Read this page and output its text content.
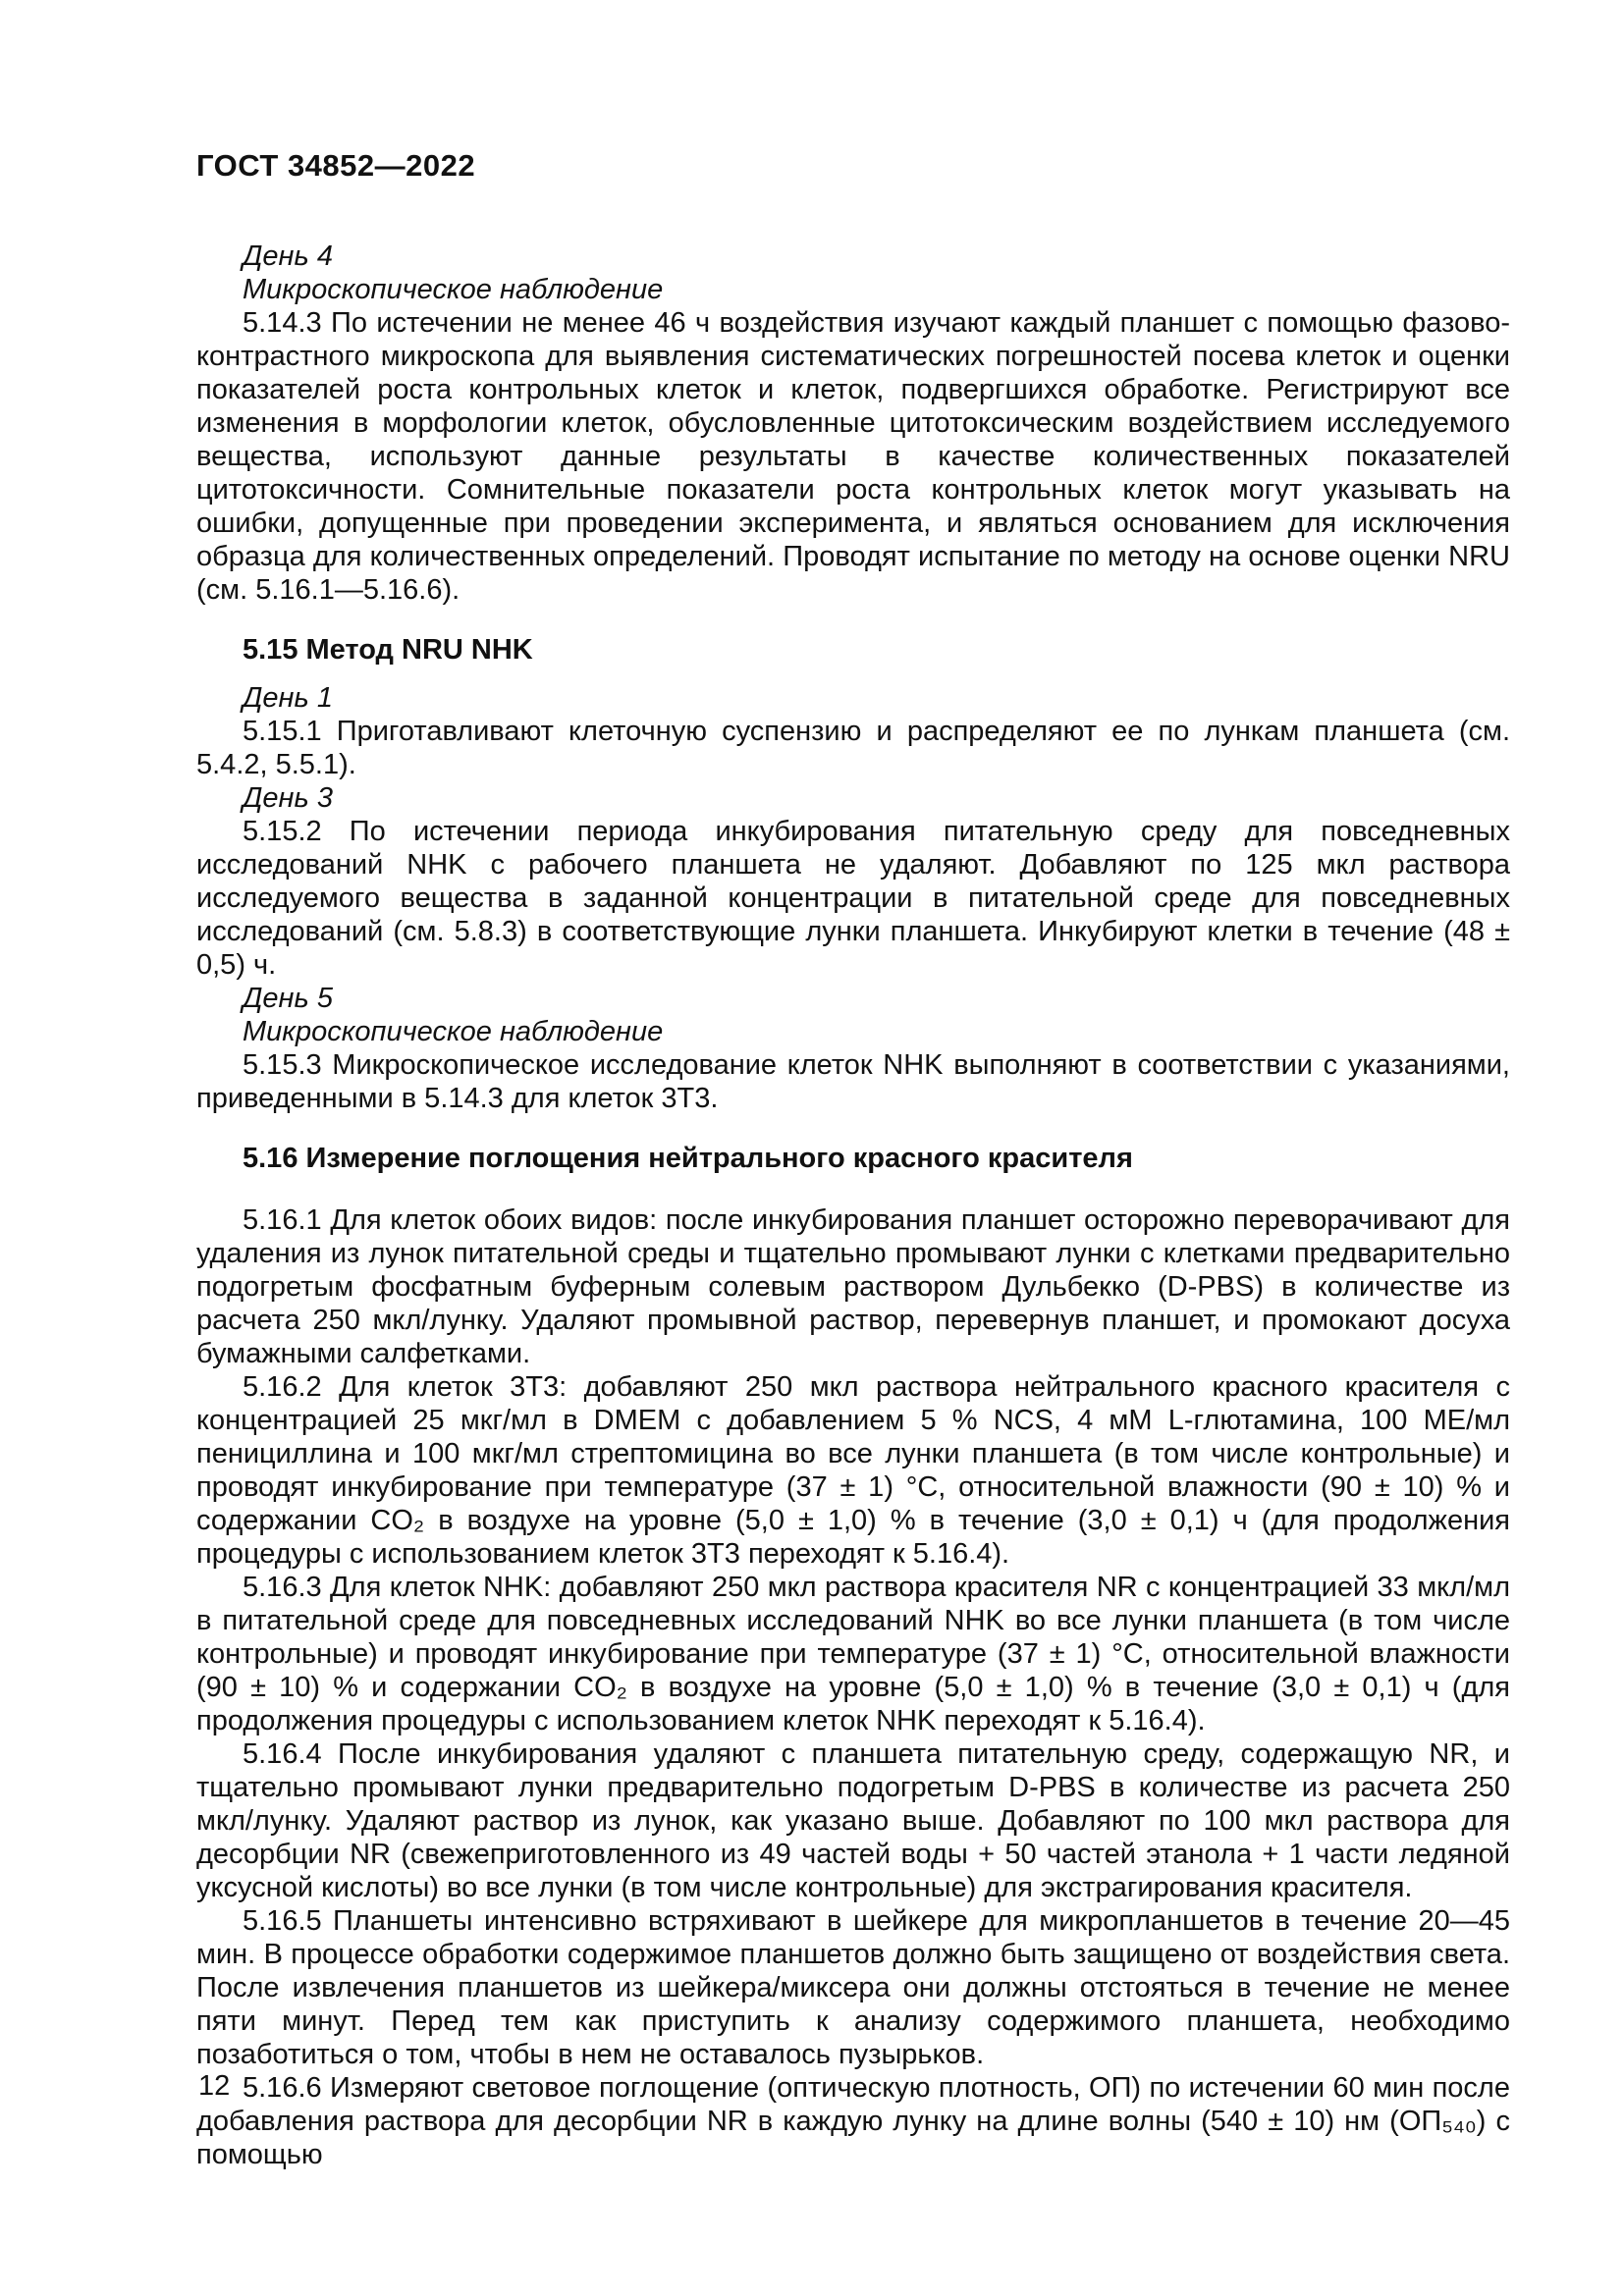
ГОСТ 34852—2022

День 4

Микроскопическое наблюдение

5.14.3 По истечении не менее 46 ч воздействия изучают каждый планшет с помощью фазово-контрастного микроскопа для выявления систематических погрешностей посева клеток и оценки показателей роста контрольных клеток и клеток, подвергшихся обработке. Регистрируют все изменения в морфологии клеток, обусловленные цитотоксическим воздействием исследуемого вещества, используют данные результаты в качестве количественных показателей цитотоксичности. Сомнительные показатели роста контрольных клеток могут указывать на ошибки, допущенные при проведении эксперимента, и являться основанием для исключения образца для количественных определений. Проводят испытание по методу на основе оценки NRU (см. 5.16.1—5.16.6).

5.15 Метод NRU NHK

День 1

5.15.1 Приготавливают клеточную суспензию и распределяют ее по лункам планшета (см. 5.4.2, 5.5.1).

День 3

5.15.2 По истечении периода инкубирования питательную среду для повседневных исследований NHK с рабочего планшета не удаляют. Добавляют по 125 мкл раствора исследуемого вещества в заданной концентрации в питательной среде для повседневных исследований (см. 5.8.3) в соответствующие лунки планшета. Инкубируют клетки в течение (48 ± 0,5) ч.

День 5

Микроскопическое наблюдение

5.15.3 Микроскопическое исследование клеток NHK выполняют в соответствии с указаниями, приведенными в 5.14.3 для клеток 3Т3.

5.16 Измерение поглощения нейтрального красного красителя

5.16.1 Для клеток обоих видов: после инкубирования планшет осторожно переворачивают для удаления из лунок питательной среды и тщательно промывают лунки с клетками предварительно подогретым фосфатным буферным солевым раствором Дульбекко (D-PBS) в количестве из расчета 250 мкл/лунку. Удаляют промывной раствор, перевернув планшет, и промокают досуха бумажными салфетками.

5.16.2 Для клеток 3Т3: добавляют 250 мкл раствора нейтрального красного красителя с концентрацией 25 мкг/мл в DMEM с добавлением 5 % NCS, 4 мМ L-глютамина, 100 МЕ/мл пенициллина и 100 мкг/мл стрептомицина во все лунки планшета (в том числе контрольные) и проводят инкубирование при температуре (37 ± 1) °С, относительной влажности (90 ± 10) % и содержании CO₂ в воздухе на уровне (5,0 ± 1,0) % в течение (3,0 ± 0,1) ч (для продолжения процедуры с использованием клеток 3Т3 переходят к 5.16.4).

5.16.3 Для клеток NHK: добавляют 250 мкл раствора красителя NR с концентрацией 33 мкл/мл в питательной среде для повседневных исследований NHK во все лунки планшета (в том числе контрольные) и проводят инкубирование при температуре (37 ± 1) °С, относительной влажности (90 ± 10) % и содержании CO₂ в воздухе на уровне (5,0 ± 1,0) % в течение (3,0 ± 0,1) ч (для продолжения процедуры с использованием клеток NHK переходят к 5.16.4).

5.16.4 После инкубирования удаляют с планшета питательную среду, содержащую NR, и тщательно промывают лунки предварительно подогретым D-PBS в количестве из расчета 250 мкл/лунку. Удаляют раствор из лунок, как указано выше. Добавляют по 100 мкл раствора для десорбции NR (свежеприготовленного из 49 частей воды + 50 частей этанола + 1 части ледяной уксусной кислоты) во все лунки (в том числе контрольные) для экстрагирования красителя.

5.16.5 Планшеты интенсивно встряхивают в шейкере для микропланшетов в течение 20—45 мин. В процессе обработки содержимое планшетов должно быть защищено от воздействия света. После извлечения планшетов из шейкера/миксера они должны отстояться в течение не менее пяти минут. Перед тем как приступить к анализу содержимого планшета, необходимо позаботиться о том, чтобы в нем не оставалось пузырьков.

5.16.6 Измеряют световое поглощение (оптическую плотность, ОП) по истечении 60 мин после добавления раствора для десорбции NR в каждую лунку на длине волны (540 ± 10) нм (ОП₅₄₀) с помощью

12
